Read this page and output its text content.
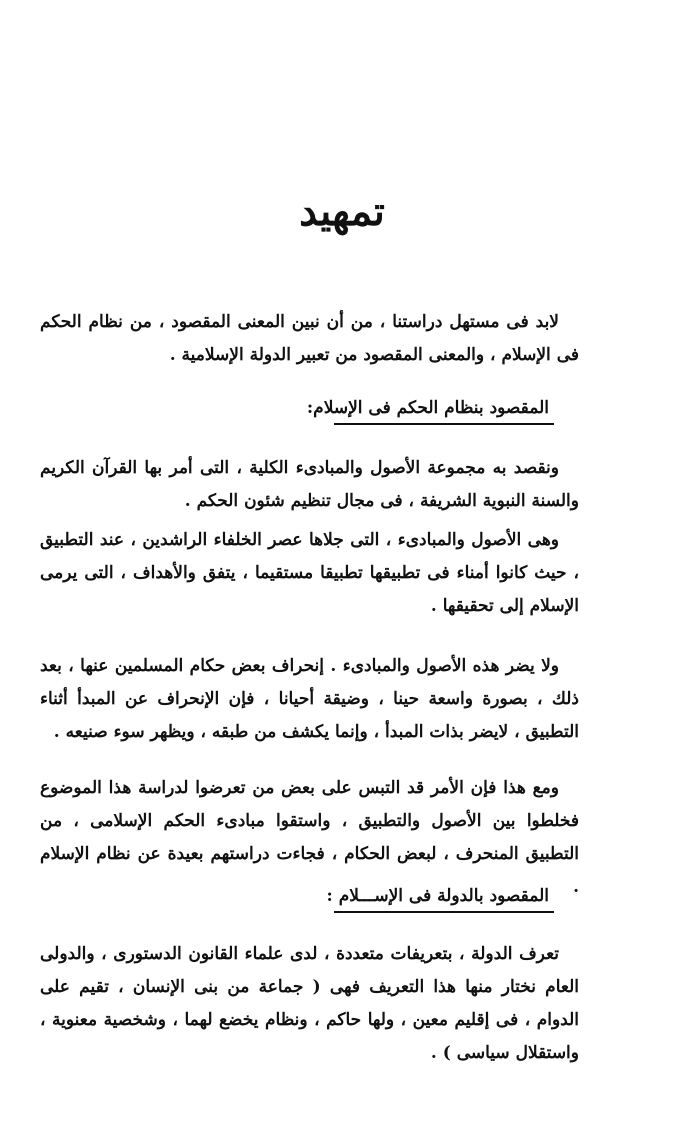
تمهيد

لابد فى مستهل دراستنا ، من أن نبين المعنى المقصود ، من نظام الحكم فى الإسلام ، والمعنى المقصود من تعبير الدولة الإسلامية .

المقصود بنظام الحكم فى الإسلام:

ونقصد به مجموعة الأصول والمبادىء الكلية ، التى أمر بها القرآن الكريم والسنة النبوية الشريفة ، فى مجال تنظيم شئون الحكم .

وهى الأصول والمبادىء ، التى جلاها عصر الخلفاء الراشدين ، عند التطبيق ، حيث كانوا أمناء فى تطبيقها تطبيقا مستقيما ، يتفق والأهداف ، التى يرمى الإسلام إلى تحقيقها .

ولا يضر هذه الأصول والمبادىء . إنحراف بعض حكام المسلمين عنها ، بعد ذلك ، بصورة واسعة حينا ، وضيقة أحيانا ، فإن الإنحراف عن المبدأ أثناء التطبيق ، لايضر بذات المبدأ ، وإنما يكشف من طبقه ، ويظهر سوء صنيعه .

ومع هذا فإن الأمر قد التبس على بعض من تعرضوا لدراسة هذا الموضوع فخلطوا بين الأصول والتطبيق ، واستقوا مبادىء الحكم الإسلامى ، من التطبيق المنحرف ، لبعض الحكام ، فجاءت دراستهم بعيدة عن نظام الإسلام .

المقصود بالدولة فى الإســـلام :

تعرف الدولة ، بتعريفات متعددة ، لدى علماء القانون الدستورى ، والدولى العام نختار منها هذا التعريف فهى ( جماعة من بنى الإنسان ، تقيم على الدوام ، فى إقليم معين ، ولها حاكم ، ونظام يخضع لهما ، وشخصية معنوية ، واستقلال سياسى ) .
